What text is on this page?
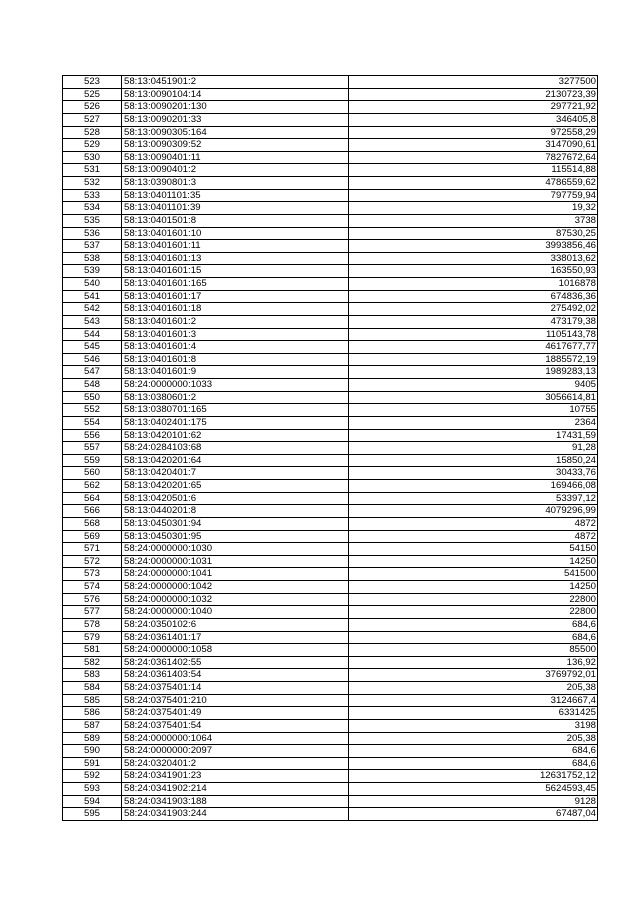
523	58:13:0451901:2	3277500
525	58:13:0090104:14	2130723,39
526	58:13:0090201:130	297721,92
527	58:13:0090201:33	346405,8
528	58:13:0090305:164	972558,29
529	58:13:0090309:52	3147090,61
530	58:13:0090401:11	7827672,64
531	58:13:0090401:2	115514,88
532	58:13:0390801:3	4786559,62
533	58:13:0401101:35	797759,94
534	58:13:0401101:39	19,32
535	58:13:0401501:8	3738
536	58:13:0401601:10	87530,25
537	58:13:0401601:11	3993856,46
538	58:13:0401601:13	338013,62
539	58:13:0401601:15	163550,93
540	58:13:0401601:165	1016878
541	58:13:0401601:17	674836,36
542	58:13:0401601:18	275492,02
543	58:13:0401601:2	473179,38
544	58:13:0401601:3	1105143,78
545	58:13:0401601:4	4617677,77
546	58:13:0401601:8	1885572,19
547	58:13:0401601:9	1989283,13
548	58:24:0000000:1033	9405
550	58:13:0380601:2	3056614,81
552	58:13:0380701:165	10755
554	58:13:0402401:175	2364
556	58:13:0420101:62	17431,59
557	58:24:0284103:68	91,28
559	58:13:0420201:64	15850,24
560	58:13:0420401:7	30433,76
562	58:13:0420201:65	169466,08
564	58:13:0420501:6	53397,12
566	58:13:0440201:8	4079296,99
568	58:13:0450301:94	4872
569	58:13:0450301:95	4872
571	58:24:0000000:1030	54150
572	58:24:0000000:1031	14250
573	58:24:0000000:1041	541500
574	58:24:0000000:1042	14250
576	58:24:0000000:1032	22800
577	58:24:0000000:1040	22800
578	58:24:0350102:6	684,6
579	58:24:0361401:17	684,6
581	58:24:0000000:1058	85500
582	58:24:0361402:55	136,92
583	58:24:0361403:54	3769792,01
584	58:24:0375401:14	205,38
585	58:24:0375401:210	3124667,4
586	58:24:0375401:49	6331425
587	58:24:0375401:54	3198
589	58:24:0000000:1064	205,38
590	58:24:0000000:2097	684,6
591	58:24:0320401:2	684,6
592	58:24:0341901:23	12631752,12
593	58:24:0341902:214	5624593,45
594	58:24:0341903:188	9128
595	58:24:0341903:244	67487,04
